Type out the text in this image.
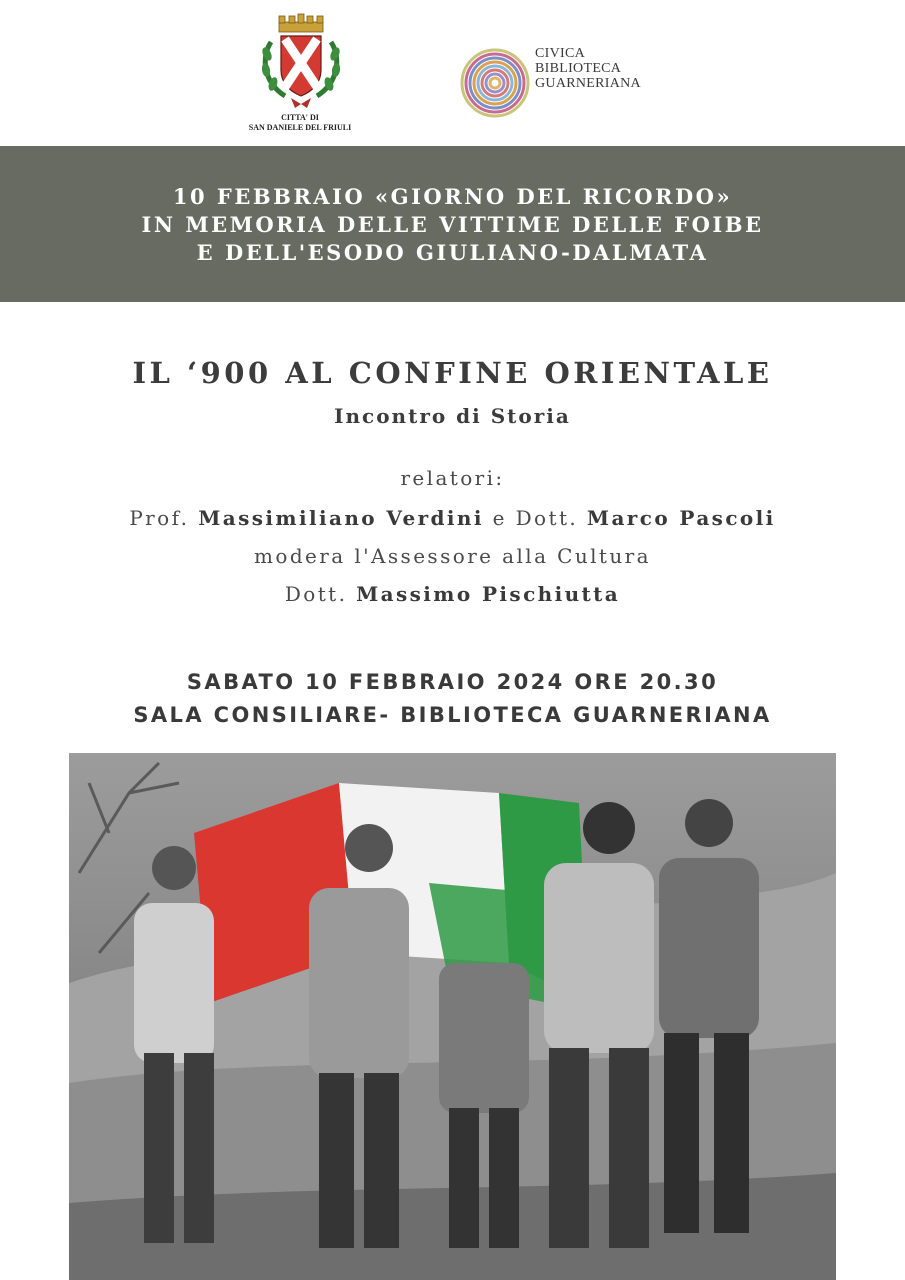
CITTA' DI
SAN DANIELE DEL FRIULI
CIVICA
BIBLIOTECA
GUARNERIANA
10 FEBBRAIO «GIORNO DEL RICORDO»
IN MEMORIA DELLE VITTIME DELLE FOIBE
E DELL'ESODO GIULIANO-DALMATA
IL ‘900 AL CONFINE ORIENTALE
Incontro di Storia
relatori:
Prof. Massimiliano Verdini e Dott. Marco Pascoli
modera l'Assessore alla Cultura
Dott. Massimo Pischiutta
SABATO 10 FEBBRAIO 2024 ORE 20.30
SALA CONSILIARE- BIBLIOTECA GUARNERIANA
